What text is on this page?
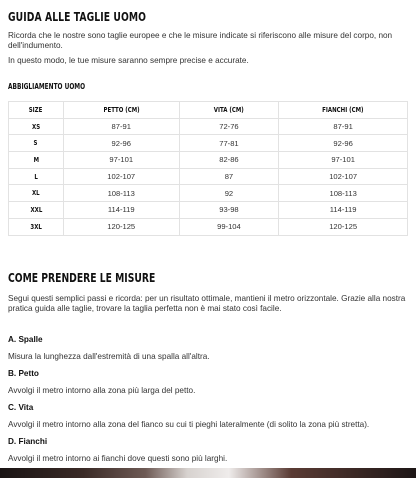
GUIDA ALLE TAGLIE UOMO
Ricorda che le nostre sono taglie europee e che le misure indicate si riferiscono alle misure del corpo, non dell'indumento.
In questo modo, le tue misure saranno sempre precise e accurate.
ABBIGLIAMENTO UOMO
SIZE	PETTO (CM)	VITA (CM)	FIANCHI (CM)
XS	87-91	72-76	87-91
S	92-96	77-81	92-96
M	97-101	82-86	97-101
L	102-107	87	102-107
XL	108-113	92	108-113
XXL	114-119	93-98	114-119
3XL	120-125	99-104	120-125
COME PRENDERE LE MISURE
Segui questi semplici passi e ricorda: per un risultato ottimale, mantieni il metro orizzontale. Grazie alla nostra pratica guida alle taglie, trovare la taglia perfetta non è mai stato così facile.
A. Spalle
Misura la lunghezza dall'estremità di una spalla all'altra.
B. Petto
Avvolgi il metro intorno alla zona più larga del petto.
C. Vita
Avvolgi il metro intorno alla zona del fianco su cui ti pieghi lateralmente (di solito la zona più stretta).
D. Fianchi
Avvolgi il metro intorno ai fianchi dove questi sono più larghi.
